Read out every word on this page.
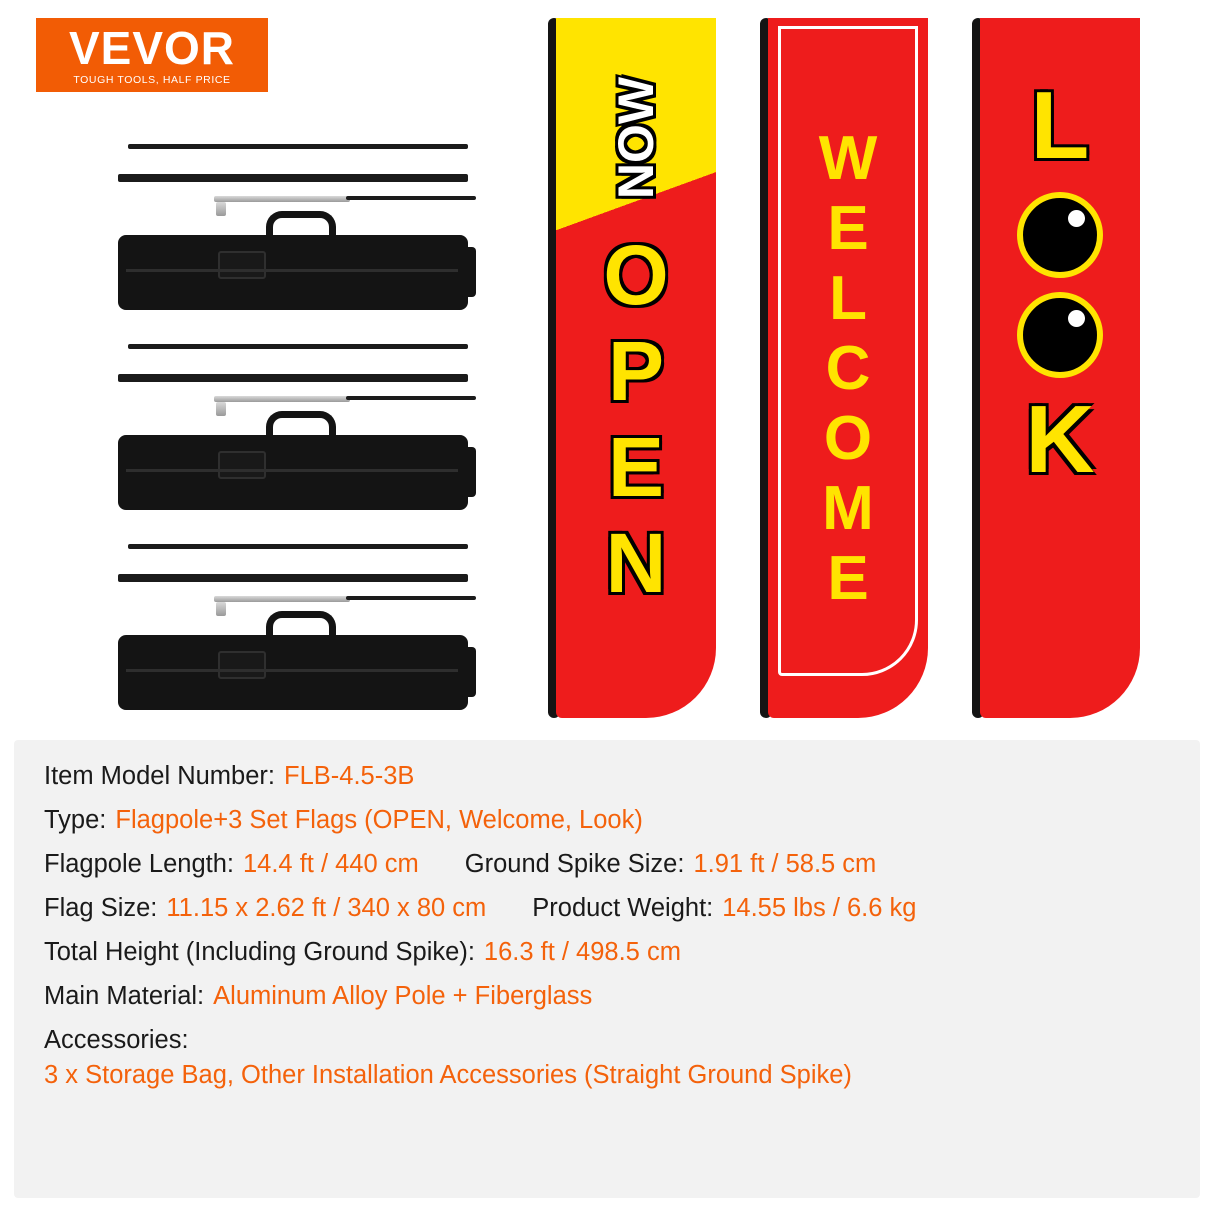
VEVOR
TOUGH TOOLS, HALF PRICE	NOW
O
P
E
N
W
E
L
C
O
M
E
L
K
Item Model Number: FLB-4.5-3B
Type: Flagpole+3 Set Flags (OPEN, Welcome, Look)
Flagpole Length: 14.4 ft / 440 cm Ground Spike Size: 1.91 ft / 58.5 cm
Flag Size: 11.15 x 2.62 ft / 340 x 80 cm Product Weight: 14.55 lbs / 6.6 kg
Total Height (Including Ground Spike): 16.3 ft / 498.5 cm
Main Material: Aluminum Alloy Pole + Fiberglass
Accessories:
3 x Storage Bag, Other Installation Accessories (Straight Ground Spike)
